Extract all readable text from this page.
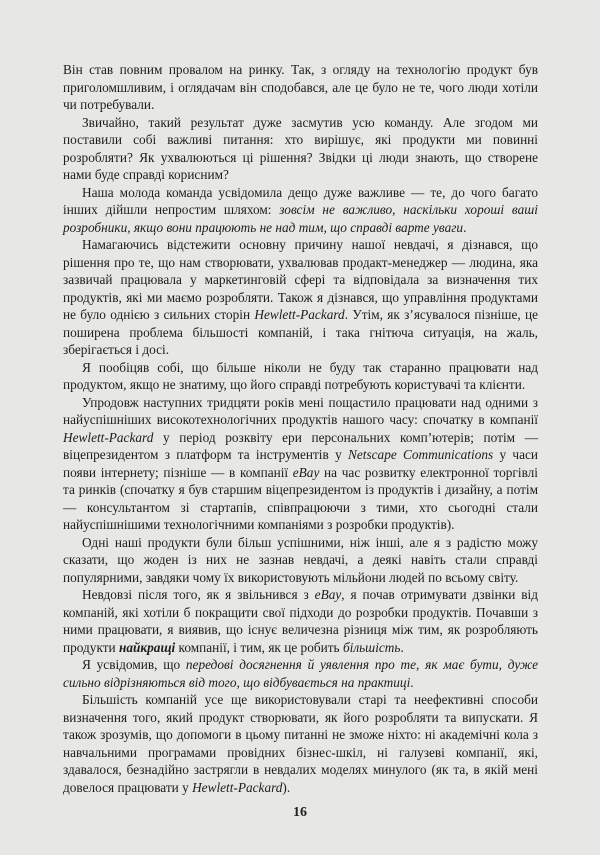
Він став повним провалом на ринку. Так, з огляду на технологію продукт був приголомшливим, і оглядачам він сподобався, але це було не те, чого люди хотіли чи потребували.

Звичайно, такий результат дуже засмутив усю команду. Але згодом ми поставили собі важливі питання: хто вирішує, які продукти ми повинні розробляти? Як ухвалюються ці рішення? Звідки ці люди знають, що створене нами буде справді корисним?

Наша молода команда усвідомила дещо дуже важливе — те, до чого багато інших дійшли непростим шляхом: зовсім не важливо, наскільки хороші ваші розробники, якщо вони працюють не над тим, що справді варте уваги.

Намагаючись відстежити основну причину нашої невдачі, я дізнався, що рішення про те, що нам створювати, ухвалював продакт-менеджер — людина, яка зазвичай працювала у маркетинговій сфері та відповідала за визначення тих продуктів, які ми маємо розробляти. Також я дізнався, що управління продуктами не було однією з сильних сторін Hewlett-Packard. Утім, як з’ясувалося пізніше, це поширена проблема більшості компаній, і така гнітюча ситуація, на жаль, зберігається і досі.

Я пообіцяв собі, що більше ніколи не буду так старанно працювати над продуктом, якщо не знатиму, що його справді потребують користувачі та клієнти.

Упродовж наступних тридцяти років мені пощастило працювати над одними з найуспішніших високотехнологічних продуктів нашого часу: спочатку в компанії Hewlett-Packard у період розквіту ери персональних комп’ютерів; потім — віцепрезидентом з платформ та інструментів у Netscape Communications у часи появи інтернету; пізніше — в компанії eBay на час розвитку електронної торгівлі та ринків (спочатку я був старшим віцепрезидентом із продуктів і дизайну, а потім — консультантом зі стартапів, співпрацюючи з тими, хто сьогодні стали найуспішнішими технологічними компаніями з розробки продуктів).

Одні наші продукти були більш успішними, ніж інші, але я з радістю можу сказати, що жоден із них не зазнав невдачі, а деякі навіть стали справді популярними, завдяки чому їх використовують мільйони людей по всьому світу.

Невдовзі після того, як я звільнився з eBay, я почав отримувати дзвінки від компаній, які хотіли б покращити свої підходи до розробки продуктів. Почавши з ними працювати, я виявив, що існує величезна різниця між тим, як розробляють продукти найкращі компанії, і тим, як це робить більшість.

Я усвідомив, що передові досягнення й уявлення про те, як має бути, дуже сильно відрізняються від того, що відбувається на практиці.

Більшість компаній усе ще використовували старі та неефективні способи визначення того, який продукт створювати, як його розробляти та випускати. Я також зрозумів, що допомоги в цьому питанні не зможе ніхто: ні академічні кола з навчальними програмами провідних бізнес-шкіл, ні галузеві компанії, які, здавалося, безнадійно застрягли в невдалих моделях минулого (як та, в якій мені довелося працювати у Hewlett-Packard).

16
